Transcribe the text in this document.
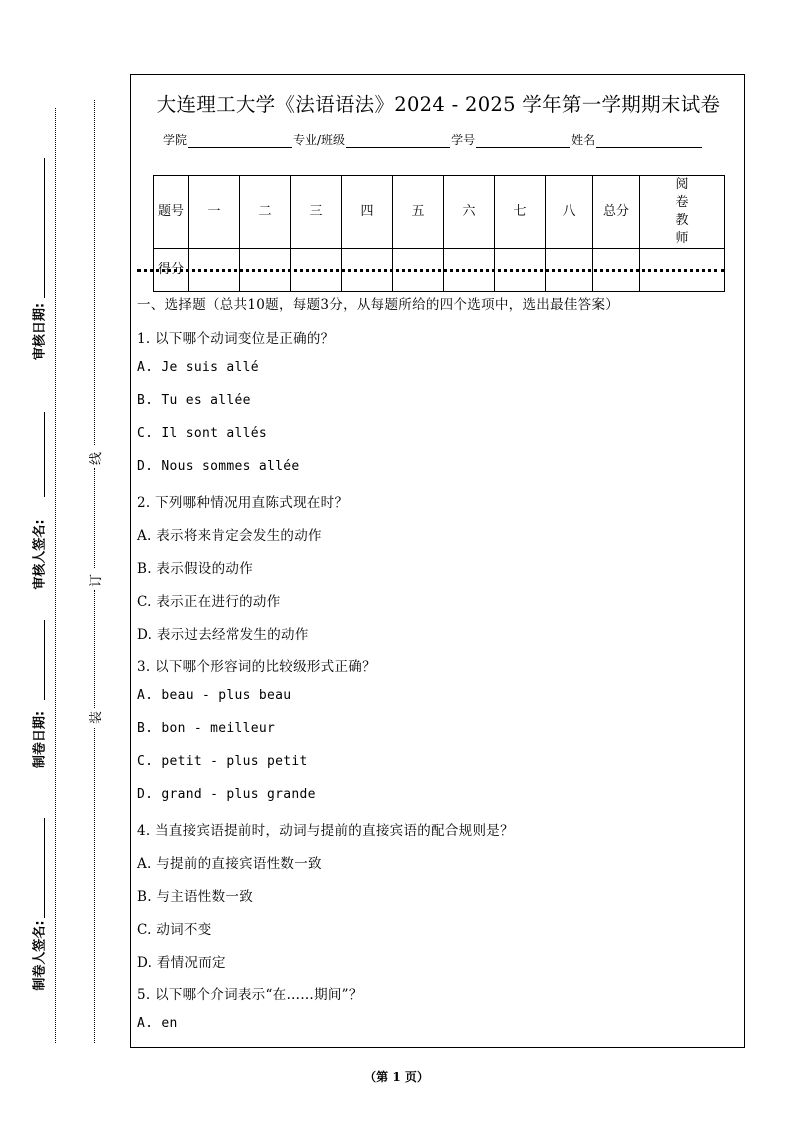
审核日期:
审核人签名:
制卷日期:
制卷人签名:
线
订
装
大连理工大学《法语语法》2024 - 2025 学年第一学期期末试卷
学院	专业/班级	学号	姓名
题号	一	二	三	四	五	六	七	八	总分	阅卷教师
得分										
一、选择题（总共10题，每题3分，从每题所给的四个选项中，选出最佳答案）
1. 以下哪个动词变位是正确的？
A. Je suis allé
B. Tu es allée
C. Il sont allés
D. Nous sommes allée
2. 下列哪种情况用直陈式现在时？
A. 表示将来肯定会发生的动作
B. 表示假设的动作
C. 表示正在进行的动作
D. 表示过去经常发生的动作
3. 以下哪个形容词的比较级形式正确？
A. beau - plus beau
B. bon - meilleur
C. petit - plus petit
D. grand - plus grande
4. 当直接宾语提前时，动词与提前的直接宾语的配合规则是？
A. 与提前的直接宾语性数一致
B. 与主语性数一致
C. 动词不变
D. 看情况而定
5. 以下哪个介词表示“在……期间”？
A. en
（第 1 页）
